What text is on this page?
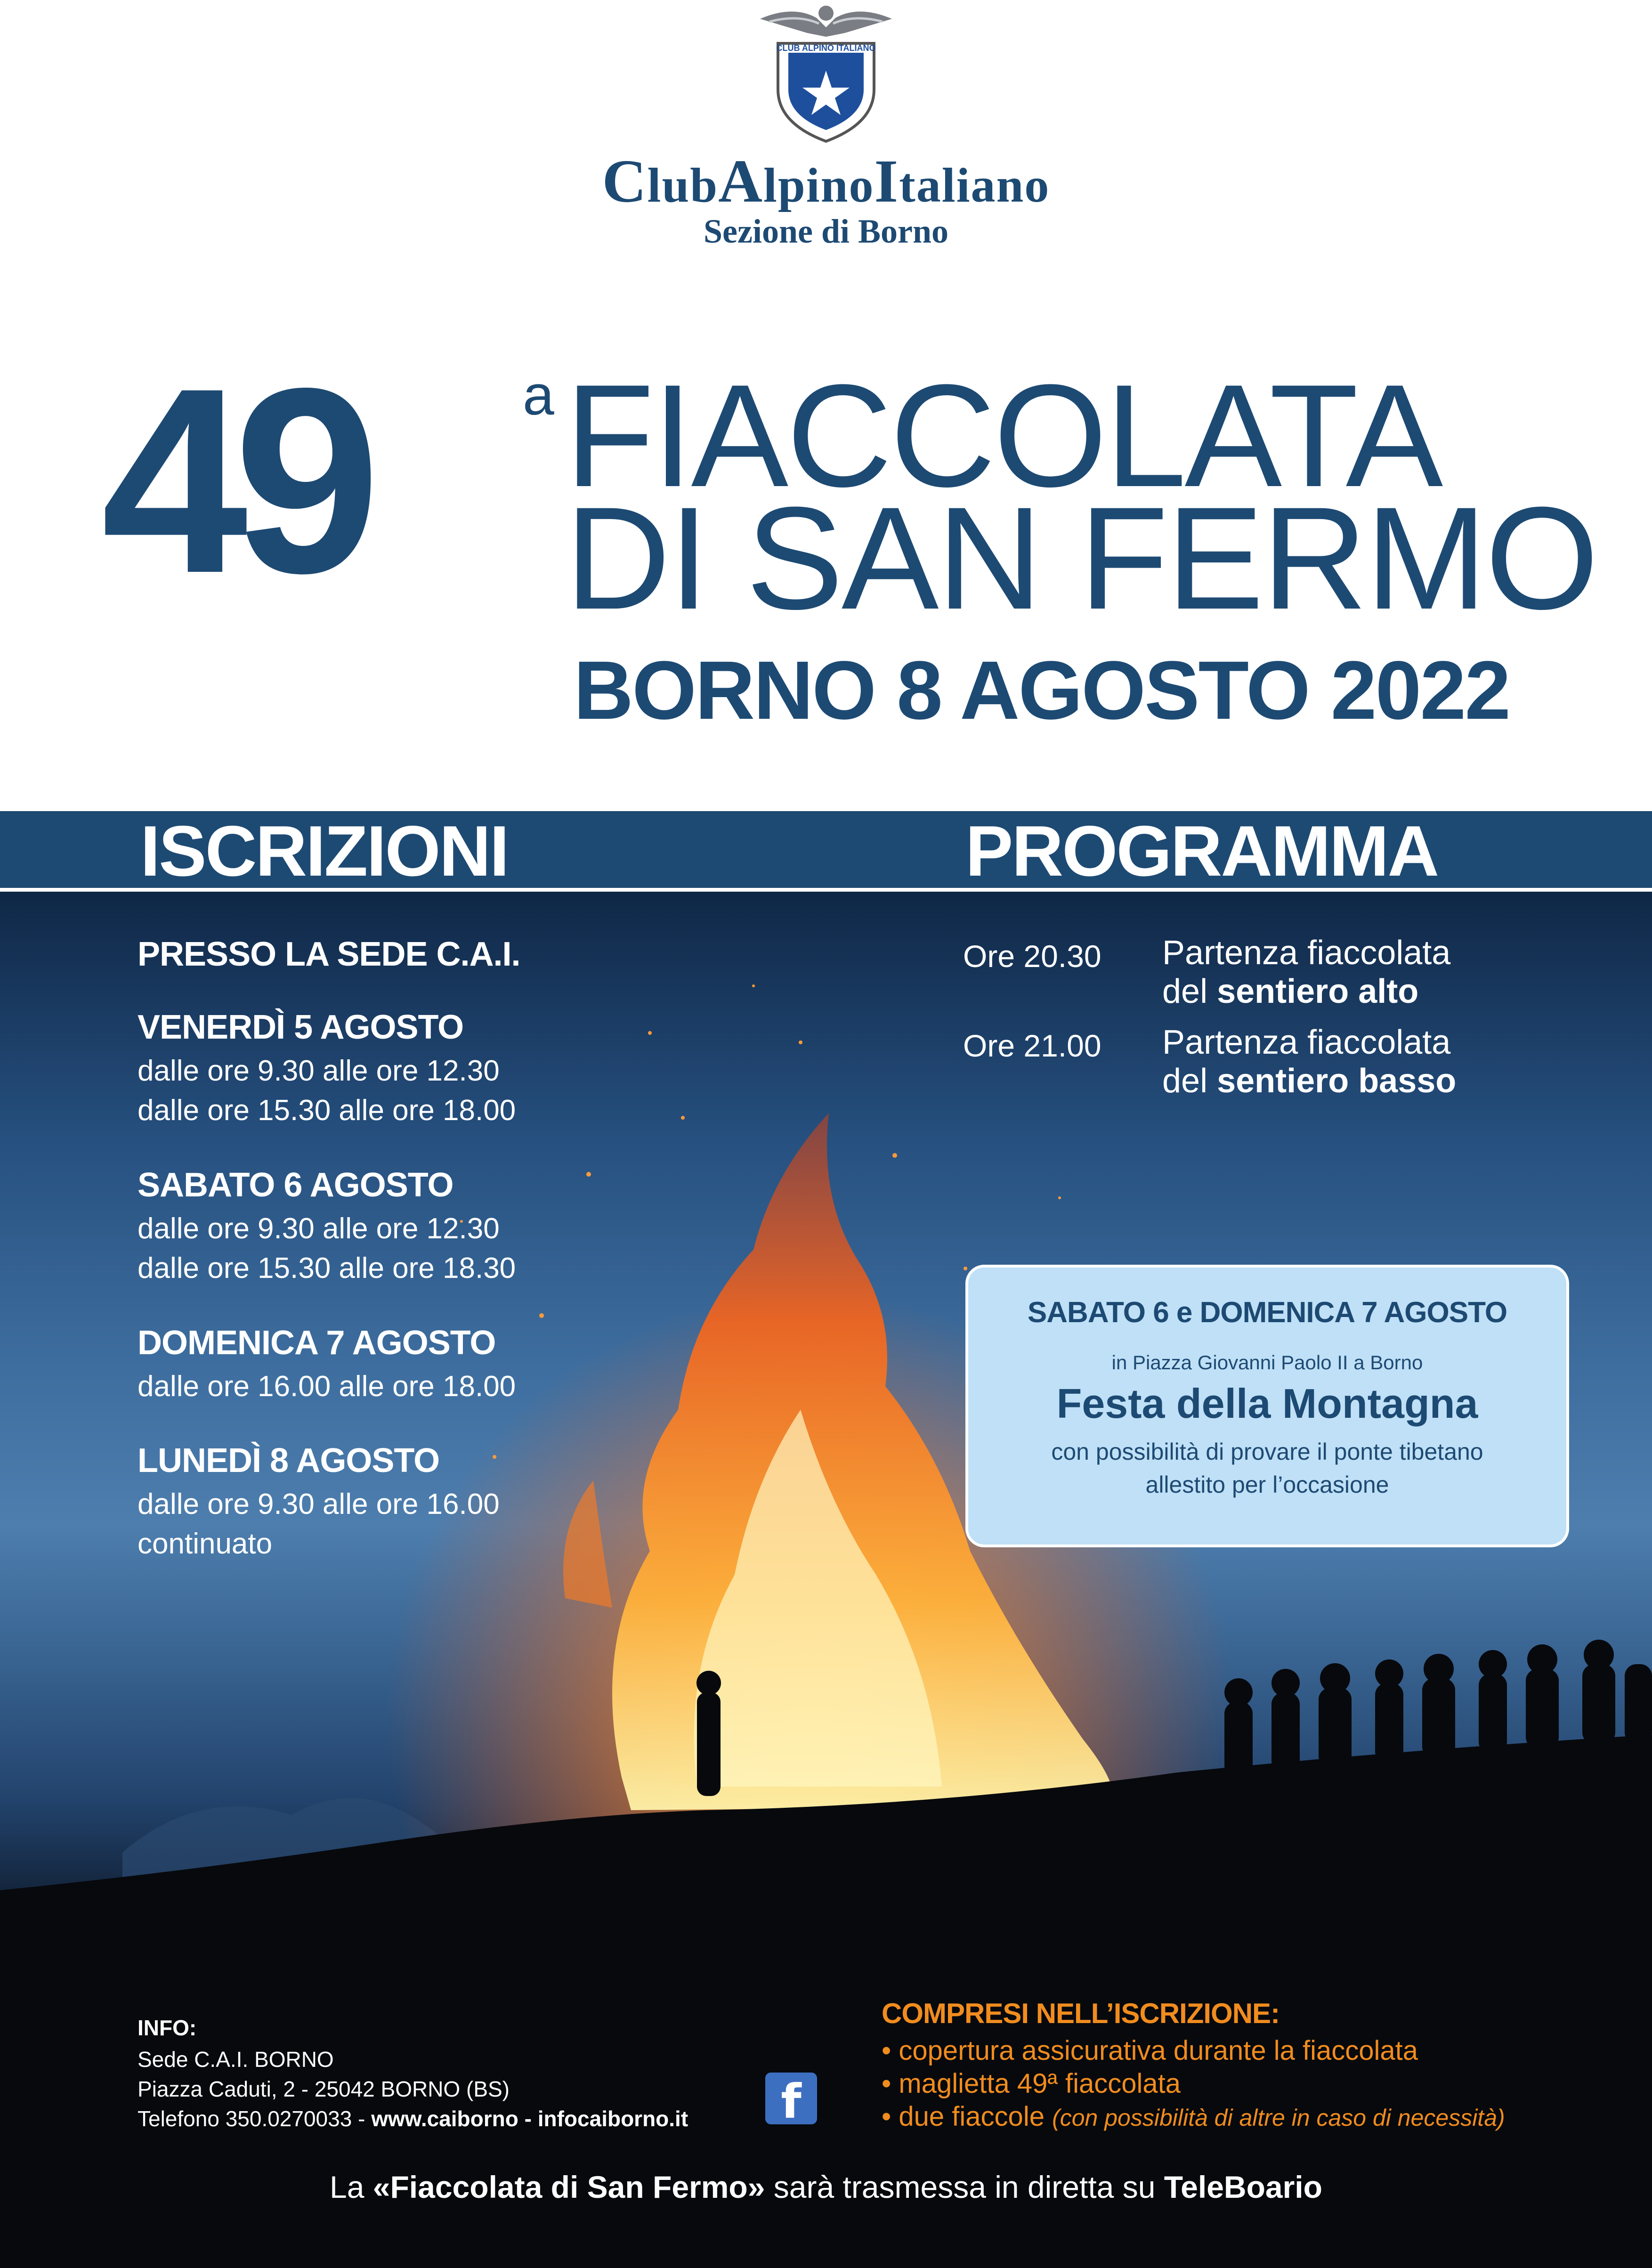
CLUB ALPINO ITALIANO
ClubAlpinoItaliano
Sezione di Borno
49	a FIACCOLATA
DI SAN FERMO
BORNO 8 AGOSTO 2022
ISCRIZIONI	PROGRAMMA
PRESSO LA SEDE C.A.I.
VENERDÌ 5 AGOSTO
dalle ore 9.30 alle ore 12.30
dalle ore 15.30 alle ore 18.00
SABATO 6 AGOSTO
dalle ore 9.30 alle ore 12.30
dalle ore 15.30 alle ore 18.30
DOMENICA 7 AGOSTO
dalle ore 16.00 alle ore 18.00
LUNEDÌ 8 AGOSTO
dalle ore 9.30 alle ore 16.00
continuato
Ore 20.30 Partenza fiaccolata
del sentiero alto
Ore 21.00 Partenza fiaccolata
del sentiero basso
SABATO 6 e DOMENICA 7 AGOSTO
in Piazza Giovanni Paolo II a Borno
Festa della Montagna
con possibilità di provare il ponte tibetano
allestito per l’occasione
INFO:
Sede C.A.I. BORNO
Piazza Caduti, 2 - 25042 BORNO (BS)
Telefono 350.0270033 - www.caiborno - infocaiborno.it	f
COMPRESI NELL’ISCRIZIONE:
• copertura assicurativa durante la fiaccolata
• maglietta 49ª fiaccolata
• due fiaccole (con possibilità di altre in caso di necessità)
La «Fiaccolata di San Fermo» sarà trasmessa in diretta su TeleBoario
